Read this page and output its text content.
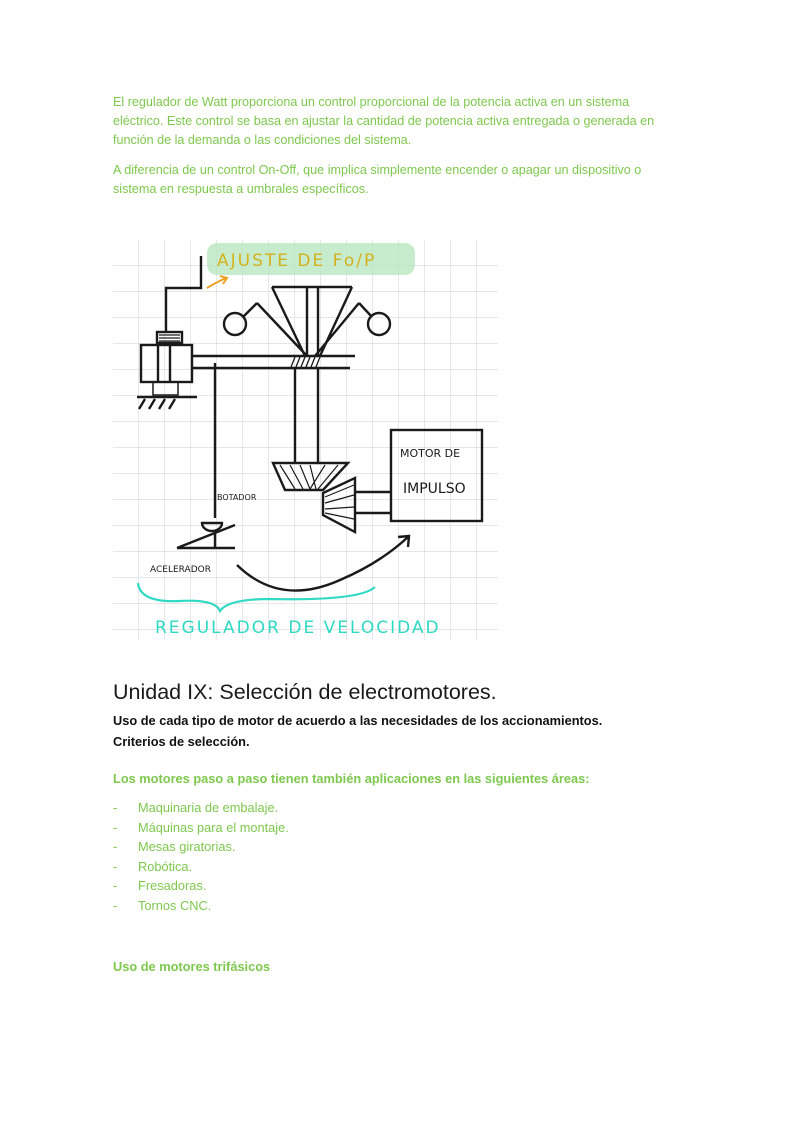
El regulador de Watt proporciona un control proporcional de la potencia activa en un sistema eléctrico. Este control se basa en ajustar la cantidad de potencia activa entregada o generada en función de la demanda o las condiciones del sistema.

A diferencia de un control On-Off, que implica simplemente encender o apagar un dispositivo o sistema en respuesta a umbrales específicos.

AJUSTE DE Fo/P
MOTOR DE
IMPULSO
BOTADOR
ACELERADOR
REGULADOR DE VELOCIDAD
Unidad IX: Selección de electromotores.

Uso de cada tipo de motor de acuerdo a las necesidades de los accionamientos.
Criterios de selección.

Los motores paso a paso tienen también aplicaciones en las siguientes áreas:

-	Maquinaria de embalaje.
-	Máquinas para el montaje.
-	Mesas giratorias.
-	Robótica.
-	Fresadoras.
-	Tornos CNC.

Uso de motores trifásicos
